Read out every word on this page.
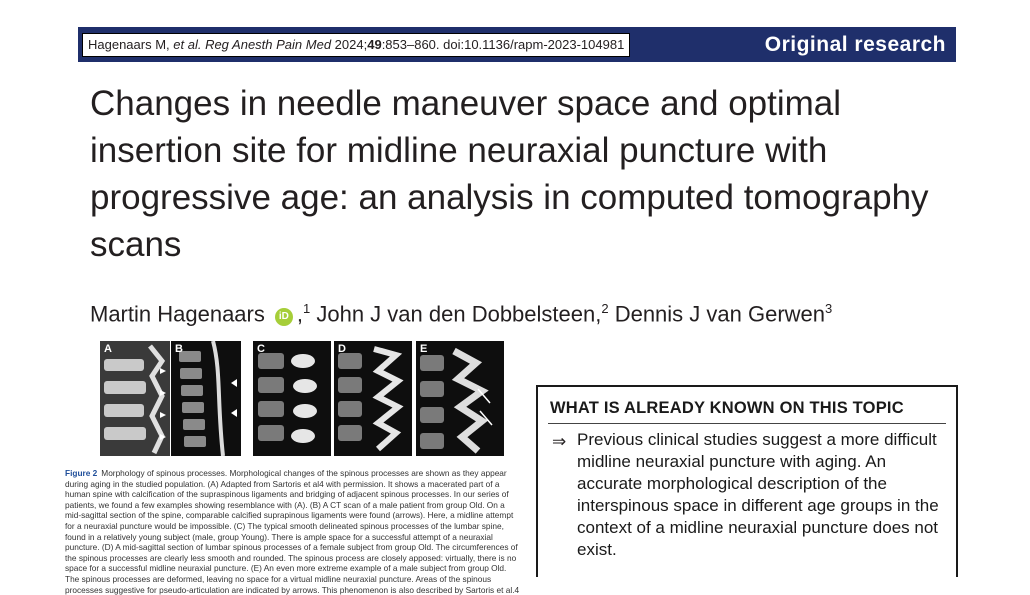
Hagenaars M, et al. Reg Anesth Pain Med 2024;49:853–860. doi:10.1136/rapm-2023-104981	Original research
Changes in needle maneuver space and optimal insertion site for midline neuraxial puncture with progressive age: an analysis in computed tomography scans
Martin Hagenaars iD ,$^1$ John J van den Dobbelsteen,$^2$ Dennis J van Gerwen$^3$
A	B	C	D	E

Figure 2 Morphology of spinous processes. Morphological changes of the spinous processes are shown as they appear during aging in the studied population. (A) Adapted from Sartoris et al4 with permission. It shows a macerated part of a human spine with calcification of the supraspinous ligaments and bridging of adjacent spinous processes. In our series of patients, we found a few examples showing resemblance with (A). (B) A CT scan of a male patient from group Old. On a mid-sagittal section of the spine, comparable calcified suprapinous ligaments were found (arrows). Here, a midline attempt for a neuraxial puncture would be impossible. (C) The typical smooth delineated spinous processes of the lumbar spine, found in a relatively young subject (male, group Young). There is ample space for a successful attempt of a neuraxial puncture. (D) A mid-sagittal section of lumbar spinous processes of a female subject from group Old. The circumferences of the spinous processes are clearly less smooth and rounded. The spinous process are closely apposed: virtually, there is no space for a successful midline neuraxial puncture. (E) An even more extreme example of a male subject from group Old. The spinous processes are deformed, leaving no space for a virtual midline neuraxial puncture. Areas of the spinous processes suggestive for pseudo-articulation are indicated by arrows. This phenomenon is also described by Sartoris et al.4

WHAT IS ALREADY KNOWN ON THIS TOPIC
⇒ Previous clinical studies suggest a more difficult midline neuraxial puncture with aging. An accurate morphological description of the interspinous space in different age groups in the context of a midline neuraxial puncture does not exist.
